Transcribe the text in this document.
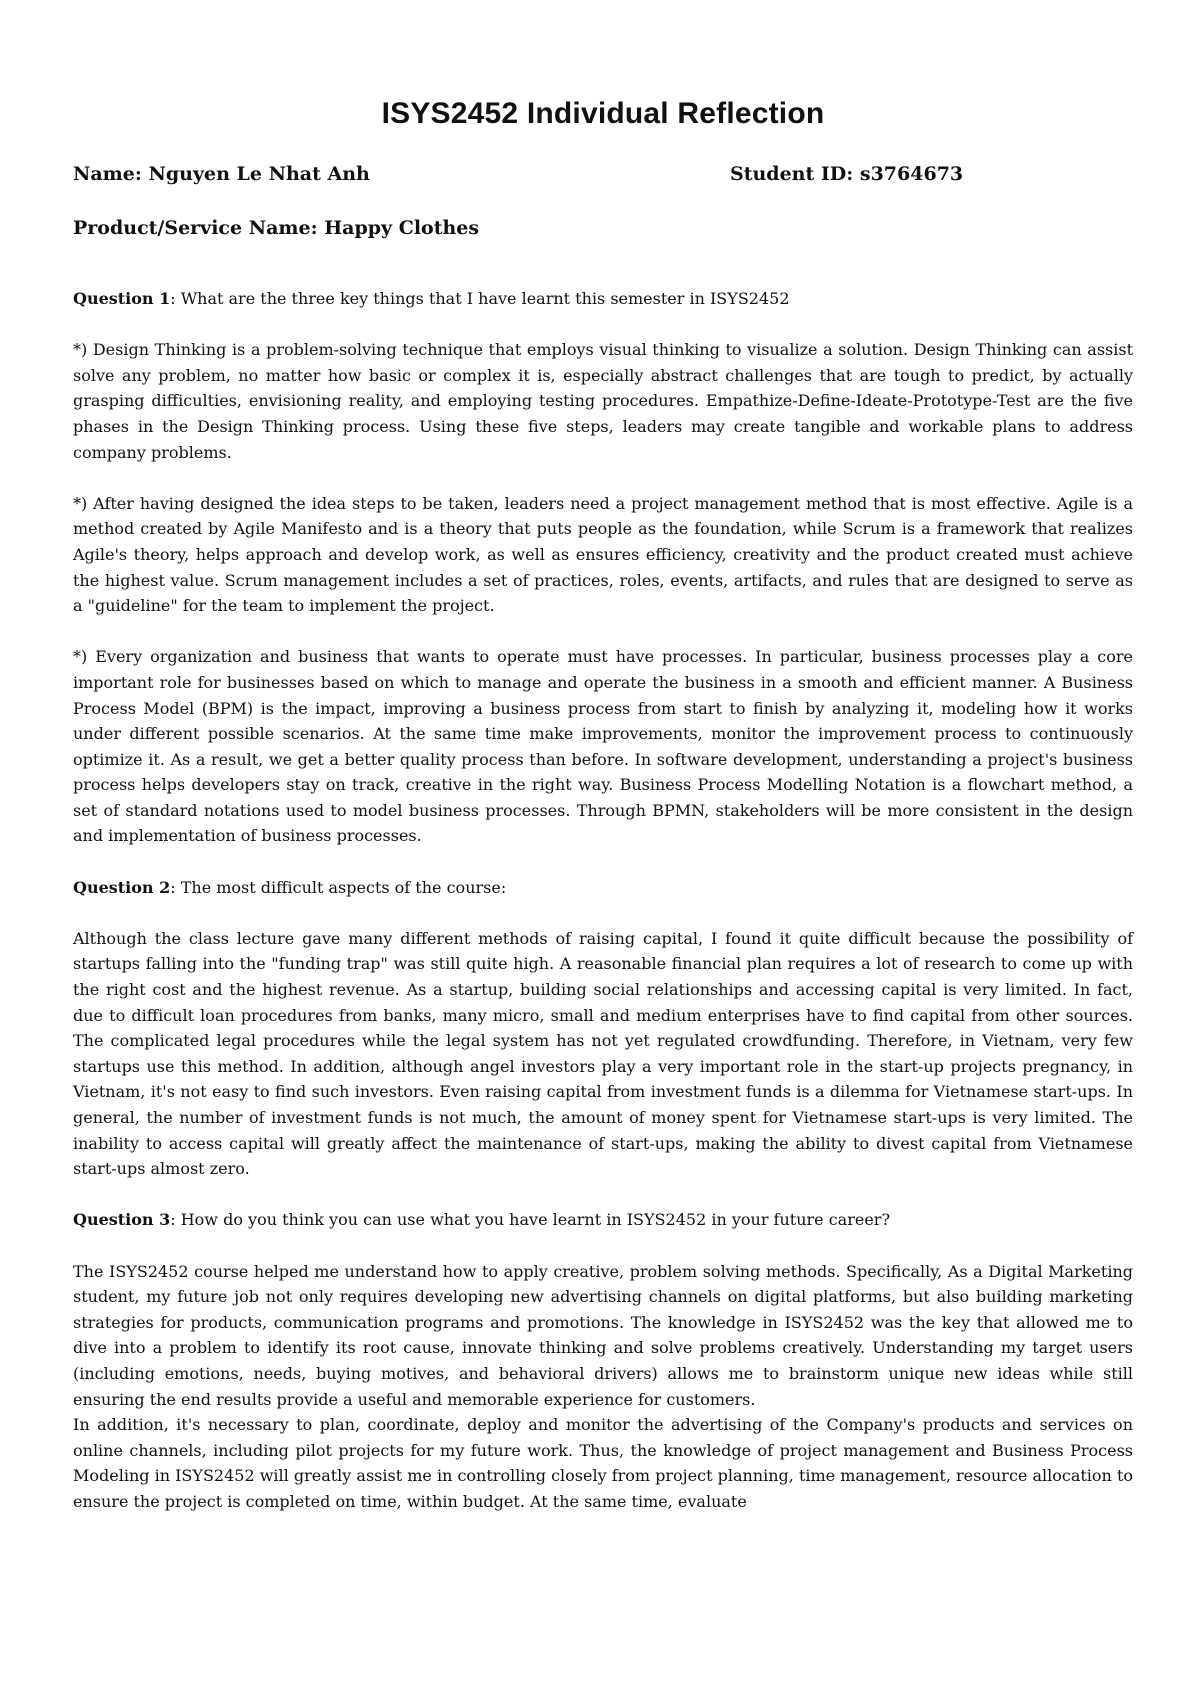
ISYS2452 Individual Reflection
Name: Nguyen Le Nhat Anh	Student ID: s3764673
Product/Service Name: Happy Clothes

Question 1: What are the three key things that I have learnt this semester in ISYS2452

*) Design Thinking is a problem-solving technique that employs visual thinking to visualize a solution. Design Thinking can assist solve any problem, no matter how basic or complex it is, especially abstract challenges that are tough to predict, by actually grasping difficulties, envisioning reality, and employing testing procedures. Empathize-Define-Ideate-Prototype-Test are the five phases in the Design Thinking process. Using these five steps, leaders may create tangible and workable plans to address company problems.

*) After having designed the idea steps to be taken, leaders need a project management method that is most effective. Agile is a method created by Agile Manifesto and is a theory that puts people as the foundation, while Scrum is a framework that realizes Agile's theory, helps approach and develop work, as well as ensures efficiency, creativity and the product created must achieve the highest value. Scrum management includes a set of practices, roles, events, artifacts, and rules that are designed to serve as a "guideline" for the team to implement the project.

*) Every organization and business that wants to operate must have processes. In particular, business processes play a core important role for businesses based on which to manage and operate the business in a smooth and efficient manner. A Business Process Model (BPM) is the impact, improving a business process from start to finish by analyzing it, modeling how it works under different possible scenarios. At the same time make improvements, monitor the improvement process to continuously optimize it. As a result, we get a better quality process than before. In software development, understanding a project's business process helps developers stay on track, creative in the right way. Business Process Modelling Notation is a flowchart method, a set of standard notations used to model business processes. Through BPMN, stakeholders will be more consistent in the design and implementation of business processes.

Question 2: The most difficult aspects of the course:

Although the class lecture gave many different methods of raising capital, I found it quite difficult because the possibility of startups falling into the "funding trap" was still quite high. A reasonable financial plan requires a lot of research to come up with the right cost and the highest revenue. As a startup, building social relationships and accessing capital is very limited. In fact, due to difficult loan procedures from banks, many micro, small and medium enterprises have to find capital from other sources. The complicated legal procedures while the legal system has not yet regulated crowdfunding. Therefore, in Vietnam, very few startups use this method. In addition, although angel investors play a very important role in the start-up projects pregnancy, in Vietnam, it's not easy to find such investors. Even raising capital from investment funds is a dilemma for Vietnamese start-ups. In general, the number of investment funds is not much, the amount of money spent for Vietnamese start-ups is very limited. The inability to access capital will greatly affect the maintenance of start-ups, making the ability to divest capital from Vietnamese start-ups almost zero.

Question 3: How do you think you can use what you have learnt in ISYS2452 in your future career?

The ISYS2452 course helped me understand how to apply creative, problem solving methods. Specifically, As a Digital Marketing student, my future job not only requires developing new advertising channels on digital platforms, but also building marketing strategies for products, communication programs and promotions. The knowledge in ISYS2452 was the key that allowed me to dive into a problem to identify its root cause, innovate thinking and solve problems creatively. Understanding my target users (including emotions, needs, buying motives, and behavioral drivers) allows me to brainstorm unique new ideas while still ensuring the end results provide a useful and memorable experience for customers.

In addition, it's necessary to plan, coordinate, deploy and monitor the advertising of the Company's products and services on online channels, including pilot projects for my future work. Thus, the knowledge of project management and Business Process Modeling in ISYS2452 will greatly assist me in controlling closely from project planning, time management, resource allocation to ensure the project is completed on time, within budget. At the same time, evaluate
